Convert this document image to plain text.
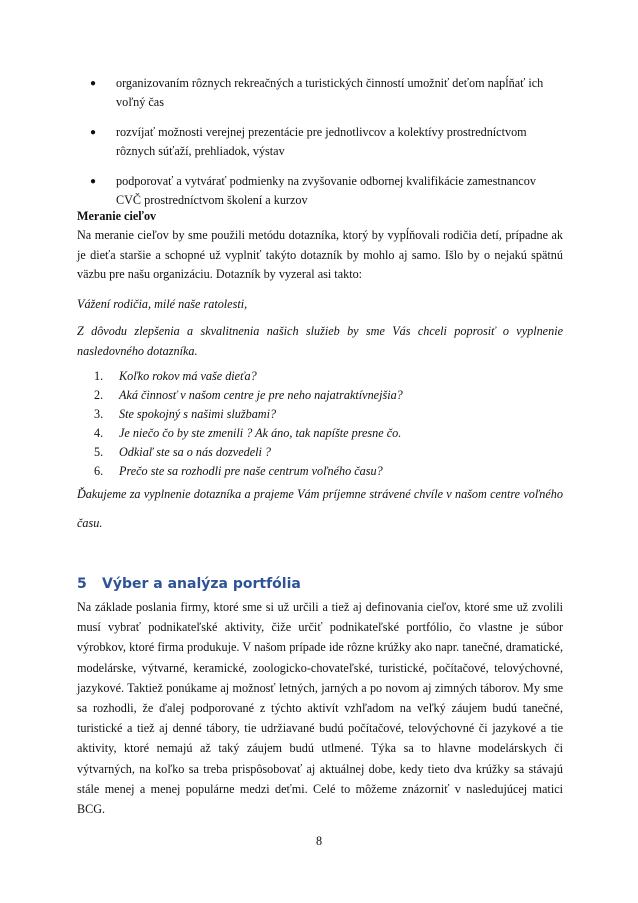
●	organizovaním rôznych rekreačných a turistických činností umožniť deťom napĺňať ich voľný čas
●	rozvíjať možnosti verejnej prezentácie pre jednotlivcov a kolektívy prostredníctvom rôznych súťaží, prehliadok, výstav
●	podporovať a vytvárať podmienky na zvyšovanie odbornej kvalifikácie zamestnancov CVČ prostredníctvom školení a kurzov
Meranie cieľov
Na meranie cieľov by sme použili metódu dotazníka, ktorý by vypĺňovali rodičia detí, prípadne ak je dieťa staršie a schopné už vyplniť takýto dotazník by mohlo aj samo. Išlo by o nejakú spätnú väzbu pre našu organizáciu. Dotazník by vyzeral asi takto:
Vážení rodičia, milé naše ratolesti,
Z dôvodu zlepšenia a skvalitnenia našich služieb by sme Vás chceli poprosiť o vyplnenie nasledovného dotazníka.
1.	Koľko rokov má vaše dieťa?
2.	Aká činnosť v našom centre je pre neho najatraktívnejšia?
3.	Ste spokojný s našimi službami?
4.	Je niečo čo by ste zmenili ? Ak áno, tak napíšte presne čo.
5.	Odkiaľ ste sa o nás dozvedeli ?
6.	Prečo ste sa rozhodli pre naše centrum voľného času?
Ďakujeme za vyplnenie dotazníka a prajeme Vám príjemne strávené chvíle v našom centre voľného času.
5	Výber a analýza portfólia
Na základe poslania firmy, ktoré sme si už určili a tiež aj definovania cieľov, ktoré sme už zvolili musí vybrať podnikateľské aktivity, čiže určiť podnikateľské portfólio, čo vlastne je súbor výrobkov, ktoré firma produkuje. V našom prípade ide rôzne krúžky ako napr. tanečné, dramatické, modelárske, výtvarné, keramické, zoologicko-chovateľské, turistické, počítačové, telovýchovné, jazykové. Taktiež ponúkame aj možnosť letných, jarných a po novom aj zimných táborov. My sme sa rozhodli, že ďalej podporované z týchto aktivít vzhľadom na veľký záujem budú tanečné, turistické a tiež aj denné tábory, tie udržiavané budú počítačové, telovýchovné či jazykové a tie aktivity, ktoré nemajú až taký záujem budú utlmené. Týka sa to hlavne modelárskych či výtvarných, na koľko sa treba prispôsobovať aj aktuálnej dobe, kedy tieto dva krúžky sa stávajú stále menej a menej populárne medzi deťmi. Celé to môžeme znázorniť v nasledujúcej matici BCG.
8
